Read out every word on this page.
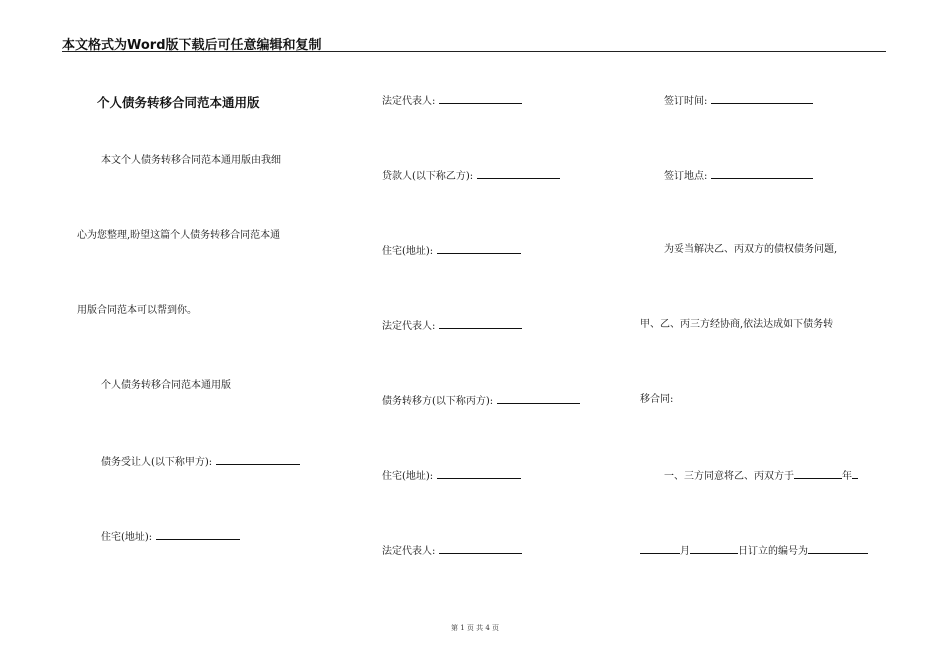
本文格式为Word版下载后可任意编辑和复制
个人债务转移合同范本通用版
本文个人债务转移合同范本通用版由我细
心为您整理,盼望这篇个人债务转移合同范本通
用版合同范本可以帮到你。
个人债务转移合同范本通用版
债务受让人(以下称甲方):
住宅(地址):
法定代表人:
贷款人(以下称乙方):
住宅(地址):
法定代表人:
债务转移方(以下称丙方):
住宅(地址):
法定代表人:
签订时间:
签订地点:
为妥当解决乙、丙双方的债权债务问题,
甲、乙、丙三方经协商,依法达成如下债务转
移合同:
一、三方同意将乙、丙双方于	年
月	日订立的编号为
第 1 页 共 4 页
